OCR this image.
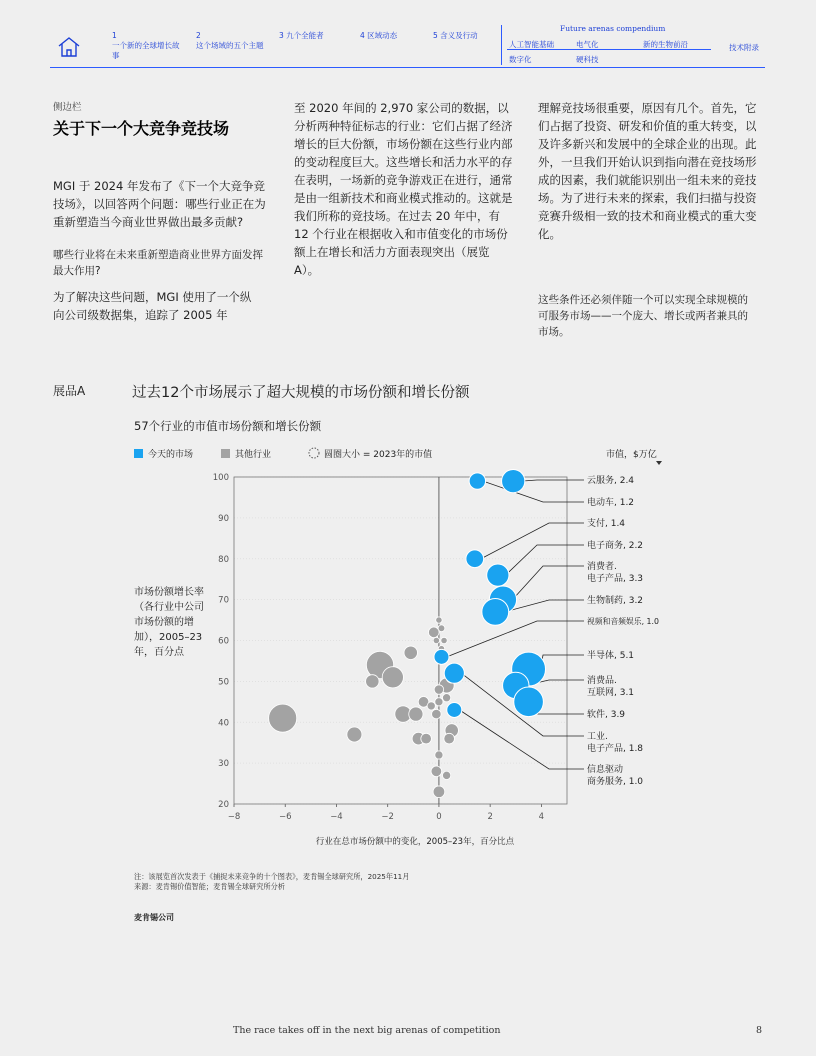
1
一个新的全球增长故事
2
这个场域的五个主题
3 九个全能者	4 区域动态	5 含义及行动
Future arenas compendium
人工智能基础	电气化	新的生物前沿
数字化	硬科技
技术附录
侧边栏
关于下一个大竞争竞技场
MGI 于 2024 年发布了《下一个大竞争竞技场》，以回答两个问题：哪些行业正在为重新塑造当今商业世界做出最多贡献?
哪些行业将在未来重新塑造商业世界方面发挥最大作用?
为了解决这些问题，MGI 使用了一个纵向公司级数据集，追踪了 2005 年
至 2020 年间的 2,970 家公司的数据，以分析两种特征标志的行业：它们占据了经济增长的巨大份额，市场份额在这些行业内部的变动程度巨大。这些增长和活力水平的存在表明，一场新的竞争游戏正在进行，通常是由一组新技术和商业模式推动的。这就是我们所称的竞技场。在过去 20 年中，有 12 个行业在根据收入和市值变化的市场份额上在增长和活力方面表现突出（展览 A）。
理解竞技场很重要，原因有几个。首先，它们占据了投资、研发和价值的重大转变，以及许多新兴和发展中的全球企业的出现。此外，一旦我们开始认识到指向潜在竞技场形成的因素，我们就能识别出一组未来的竞技场。为了进行未来的探索，我们扫描与投资竞赛升级相一致的技术和商业模式的重大变化。
这些条件还必须伴随一个可以实现全球规模的可服务市场——一个庞大、增长或两者兼具的市场。
展品A	过去12个市场展示了超大规模的市场份额和增长份额
57个行业的市值市场份额和增长份额
今天的市场	其他行业	圆圈大小 = 2023年的市值	市值，$万亿
市场份额增长率（各行业中公司市场份额的增加），2005–23年，百分点
20
30
40
50
60
70
80
90
100
−8	−6	−4	−2	0	2	4
云服务, 2.4
电动车, 1.2
支付, 1.4
电子商务, 2.2
消费者.
电子产品, 3.3
生物制药, 3.2
视频和音频娱乐, 1.0
半导体, 5.1
消费品.
互联网, 3.1
软件, 3.9
工业.
电子产品, 1.8
信息驱动
商务服务, 1.0
行业在总市场份额中的变化，2005–23年，百分比点
注：该展览首次发表于《捕捉未来竞争的十个图表》，麦肯锡全球研究所，2025年11月
来源：麦肯锡价值智能；麦肯锡全球研究所分析
麦肯锡公司
The race takes off in the next big arenas of competition	8
